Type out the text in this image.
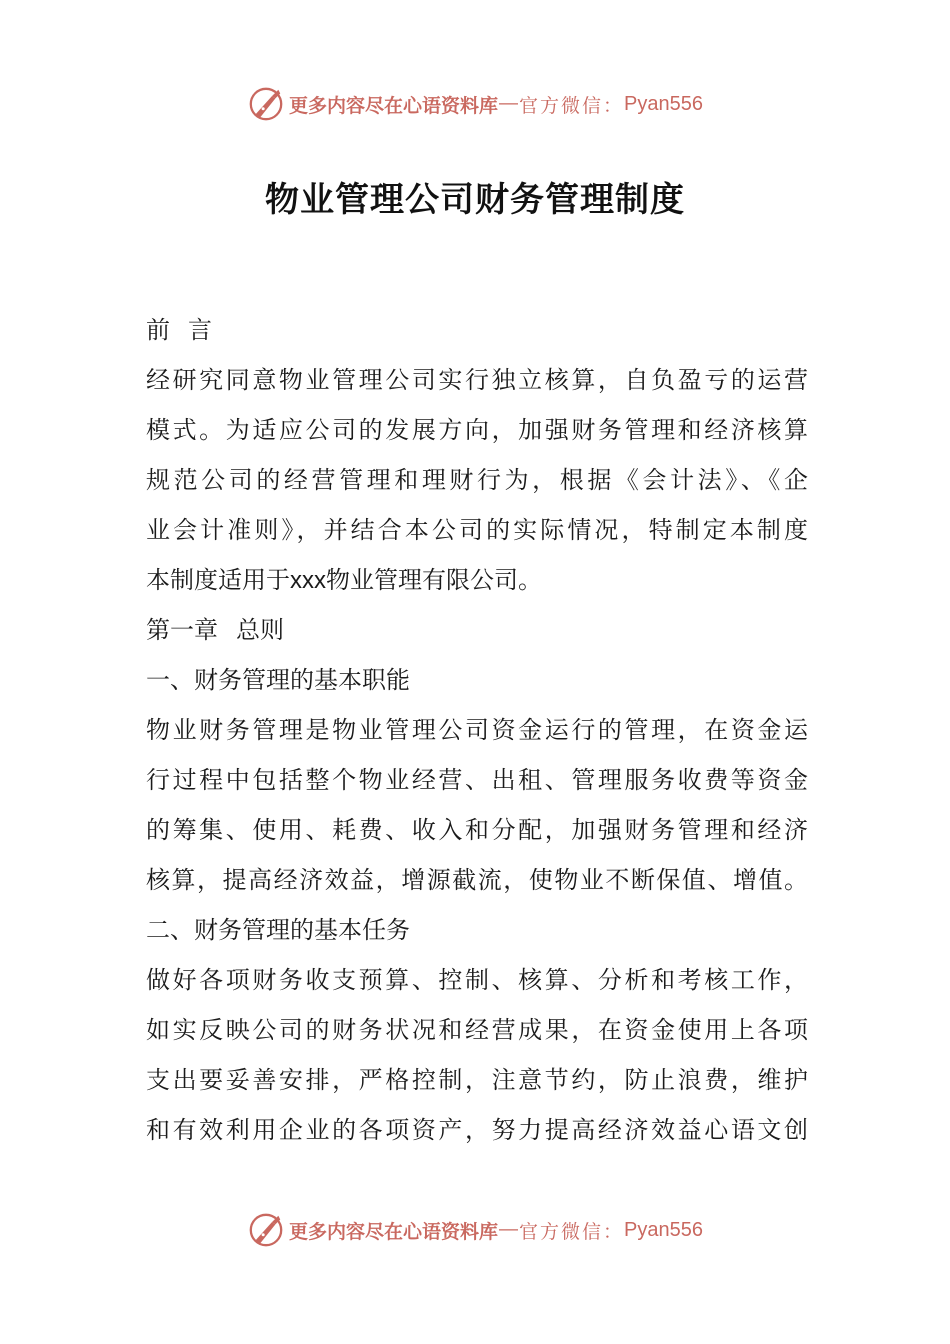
更多内容尽在心语资料库 — 官方微信： Pyan556
物业管理公司财务管理制度
前 言
经研究同意物业管理公司实行独立核算，自负盈亏的运营
模式。为适应公司的发展方向，加强财务管理和经济核算
规范公司的经营管理和理财行为，根据《会计法》、《企
业会计准则》，并结合本公司的实际情况，特制定本制度
本制度适用于xxx物业管理有限公司。
第一章 总则
一、财务管理的基本职能
物业财务管理是物业管理公司资金运行的管理，在资金运
行过程中包括整个物业经营、出租、管理服务收费等资金
的筹集、使用、耗费、收入和分配，加强财务管理和经济
核算，提高经济效益，增源截流，使物业不断保值、增值。
二、财务管理的基本任务
做好各项财务收支预算、控制、核算、分析和考核工作，
如实反映公司的财务状况和经营成果，在资金使用上各项
支出要妥善安排，严格控制，注意节约，防止浪费，维护
和有效利用企业的各项资产，努力提高经济效益心语文创
更多内容尽在心语资料库 — 官方微信： Pyan556
